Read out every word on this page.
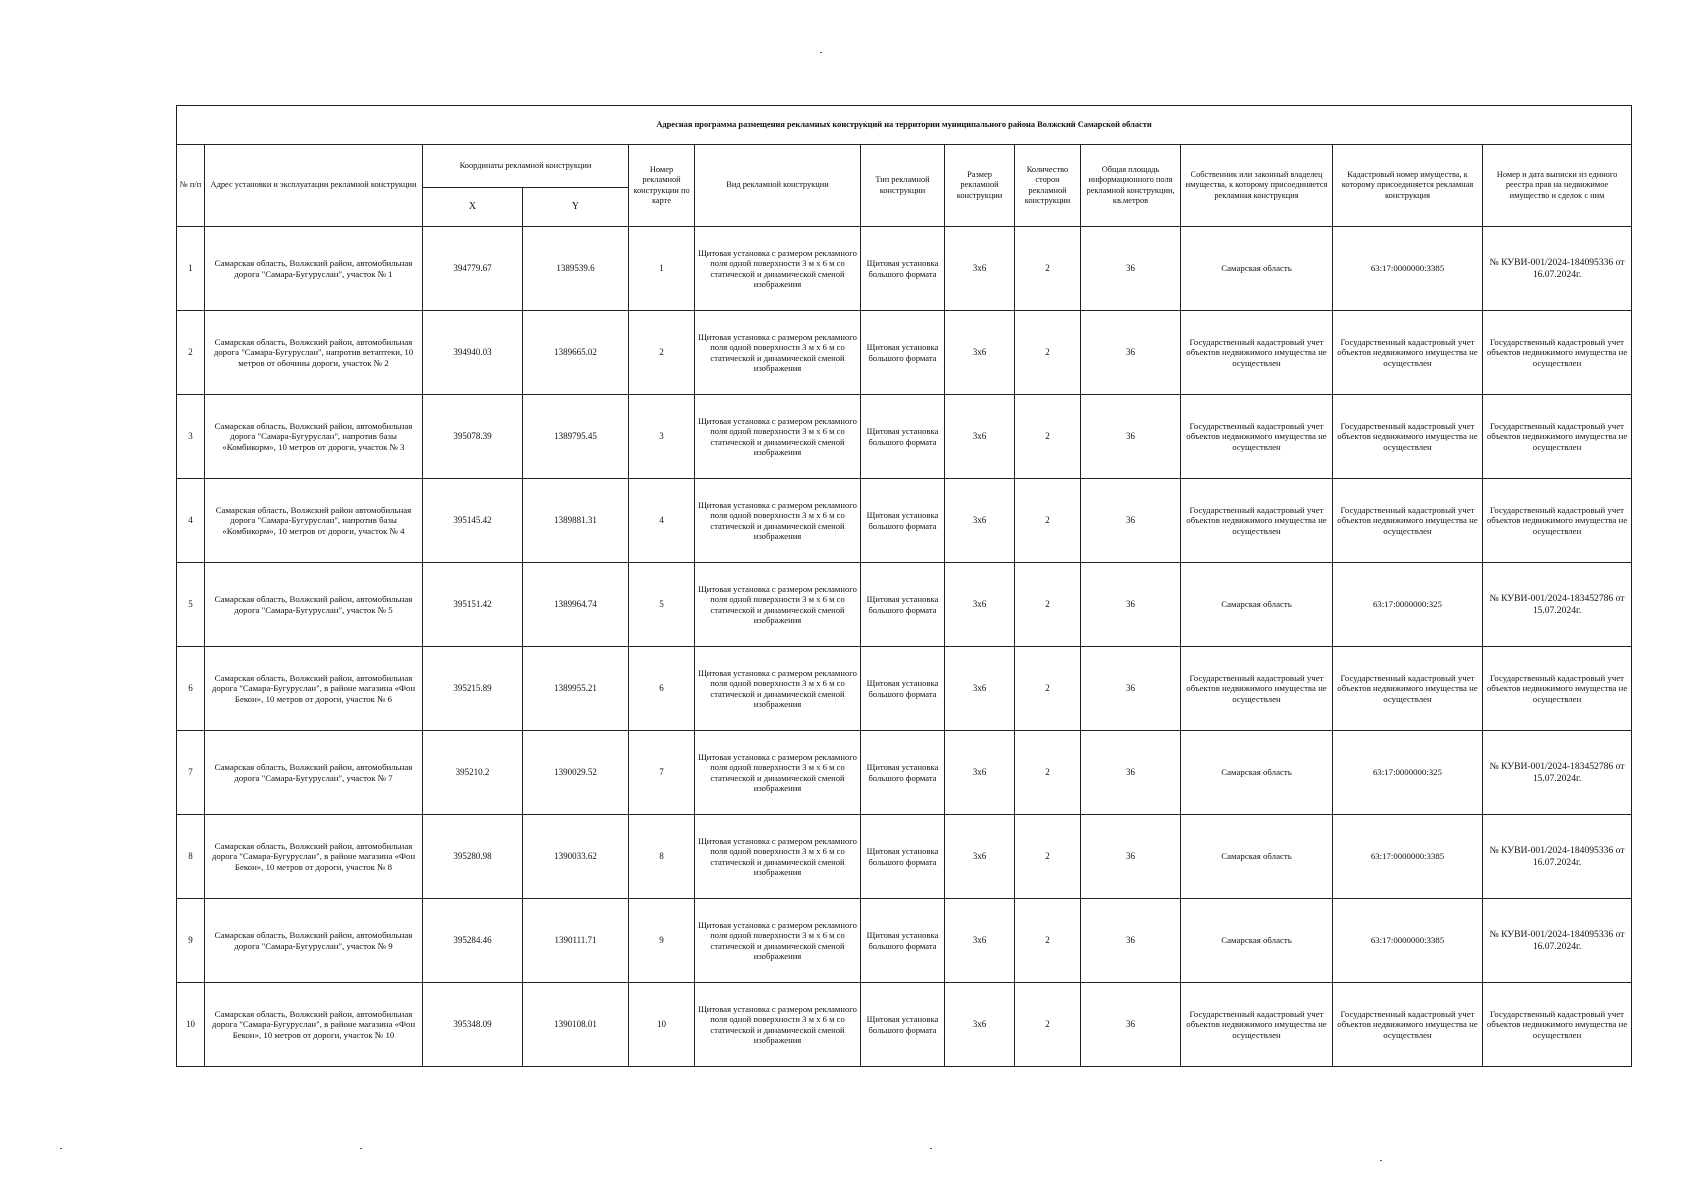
Адресная программа размещения рекламных конструкций на территории муниципального района Волжский Самарской области												
№ п/п	Адрес установки и эксплуатации рекламной конструкции	Координаты рекламной конструкции		Номер рекламной конструкции по карте	Вид рекламной конструкции	Тип рекламной конструкции	Размер рекламной конструкции	Количество сторон рекламной конструкции	Общая площадь информационного поля рекламной конструкции, кв.метров	Собственник или законный владелец имущества, к которому присоединяется рекламная конструкция	Кадастровый номер имущества, к которому присоединяется рекламная конструкция	Номер и дата выписки из единого реестра прав на недвижимое имущество и сделок с ним
		X	Y									
1	Самарская область, Волжский район, автомобильная дорога "Самара-Бугуруслан", участок № 1	394779.67	1389539.6	1	Щитовая установка с размером рекламного поля одной поверхности 3 м х 6 м со статической и динамической сменой изображения	Щитовая установка большого формата	3х6	2	36	Самарская область	63:17:0000000:3385	№ КУВИ-001/2024-184095336 от 16.07.2024г.
2	Самарская область, Волжский район, автомобильная дорога "Самара-Бугуруслан", напротив ветаптеки, 10 метров от обочины дороги, участок № 2	394940.03	1389665.02	2	Щитовая установка с размером рекламного поля одной поверхности 3 м х 6 м со статической и динамической сменой изображения	Щитовая установка большого формата	3х6	2	36	Государственный кадастровый учет объектов недвижимого имущества не осуществлен	Государственный кадастровый учет объектов недвижимого имущества не осуществлен	Государственный кадастровый учет объектов недвижимого имущества не осуществлен
3	Самарская область, Волжский район, автомобильная дорога "Самара-Бугуруслан", напротив базы «Комбикорм», 10 метров от дороги, участок № 3	395078.39	1389795.45	3	Щитовая установка с размером рекламного поля одной поверхности 3 м х 6 м со статической и динамической сменой изображения	Щитовая установка большого формата	3х6	2	36	Государственный кадастровый учет объектов недвижимого имущества не осуществлен	Государственный кадастровый учет объектов недвижимого имущества не осуществлен	Государственный кадастровый учет объектов недвижимого имущества не осуществлен
4	Самарская область, Волжский район автомобильная дорога "Самара-Бугуруслан", напротив базы «Комбикорм», 10 метров от дороги, участок № 4	395145.42	1389881.31	4	Щитовая установка с размером рекламного поля одной поверхности 3 м х 6 м со статической и динамической сменой изображения	Щитовая установка большого формата	3х6	2	36	Государственный кадастровый учет объектов недвижимого имущества не осуществлен	Государственный кадастровый учет объектов недвижимого имущества не осуществлен	Государственный кадастровый учет объектов недвижимого имущества не осуществлен
5	Самарская область, Волжский район, автомобильная дорога "Самара-Бугуруслан", участок № 5	395151.42	1389964.74	5	Щитовая установка с размером рекламного поля одной поверхности 3 м х 6 м со статической и динамической сменой изображения	Щитовая установка большого формата	3х6	2	36	Самарская область	63:17:0000000:325	№ КУВИ-001/2024-183452786 от 15.07.2024г.
6	Самарская область, Волжский район, автомобильная дорога "Самара-Бугуруслан", в районе магазина «Фон Бекон», 10 метров от дороги, участок № 6	395215.89	1389955.21	6	Щитовая установка с размером рекламного поля одной поверхности 3 м х 6 м со статической и динамической сменой изображения	Щитовая установка большого формата	3х6	2	36	Государственный кадастровый учет объектов недвижимого имущества не осуществлен	Государственный кадастровый учет объектов недвижимого имущества не осуществлен	Государственный кадастровый учет объектов недвижимого имущества не осуществлен
7	Самарская область, Волжский район, автомобильная дорога "Самара-Бугуруслан", участок № 7	395210.2	1390029.52	7	Щитовая установка с размером рекламного поля одной поверхности 3 м х 6 м со статической и динамической сменой изображения	Щитовая установка большого формата	3х6	2	36	Самарская область	63:17:0000000:325	№ КУВИ-001/2024-183452786 от 15.07.2024г.
8	Самарская область, Волжский район, автомобильная дорога "Самара-Бугуруслан", в районе магазина «Фон Бекон», 10 метров от дороги, участок № 8	395280.98	1390033.62	8	Щитовая установка с размером рекламного поля одной поверхности 3 м х 6 м со статической и динамической сменой изображения	Щитовая установка большого формата	3х6	2	36	Самарская область	63:17:0000000:3385	№ КУВИ-001/2024-184095336 от 16.07.2024г.
9	Самарская область, Волжский район, автомобильная дорога "Самара-Бугуруслан", участок № 9	395284.46	1390111.71	9	Щитовая установка с размером рекламного поля одной поверхности 3 м х 6 м со статической и динамической сменой изображения	Щитовая установка большого формата	3х6	2	36	Самарская область	63:17:0000000:3385	№ КУВИ-001/2024-184095336 от 16.07.2024г.
10	Самарская область, Волжский район, автомобильная дорога "Самара-Бугуруслан", в районе магазина «Фон Бекон», 10 метров от дороги, участок № 10	395348.09	1390108.01	10	Щитовая установка с размером рекламного поля одной поверхности 3 м х 6 м со статической и динамической сменой изображения	Щитовая установка большого формата	3х6	2	36	Государственный кадастровый учет объектов недвижимого имущества не осуществлен	Государственный кадастровый учет объектов недвижимого имущества не осуществлен	Государственный кадастровый учет объектов недвижимого имущества не осуществлен
